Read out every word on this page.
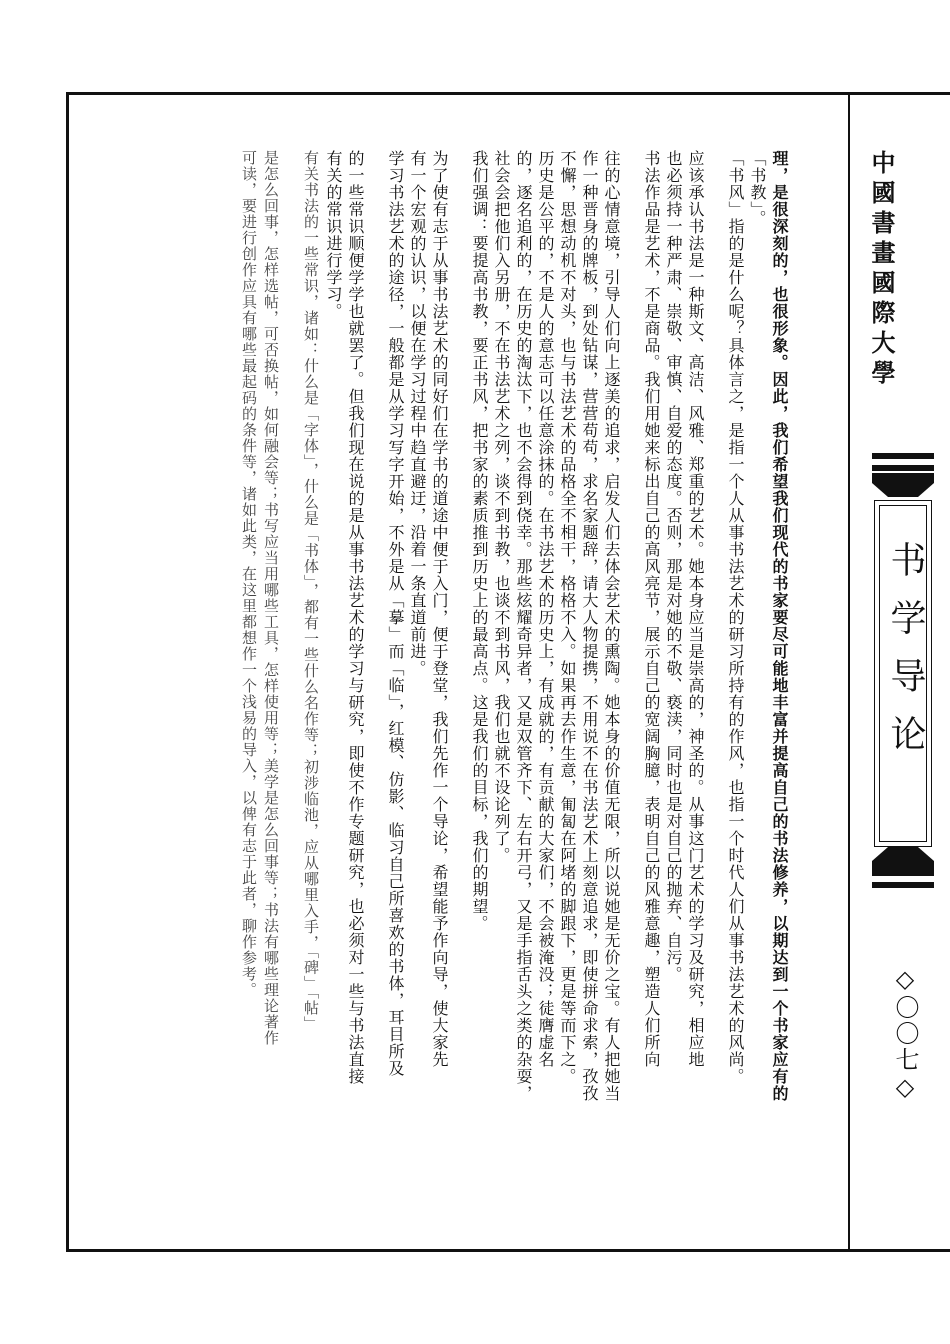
理，是很深刻的，也很形象。因此，我们希望我们现代的书家要尽可能地丰富并提高自己的书法修养，以期达到一个书家应有的
「书教」。
「书风」指的是什么呢？具体言之，是指一个人从事书法艺术的研习所持有的作风，也指一个时代人们从事书法艺术的风尚。
应该承认书法是一种斯文、高洁、风雅、郑重的艺术。她本身应当是崇高的，神圣的。从事这门艺术的学习及研究，相应地
也必须持一种严肃、崇敬、审慎、自爱的态度。否则，那是对她的不敬、亵渎，同时也是对自己的抛弃、自污。
书法作品是艺术，不是商品。我们用她来标出自己的高风亮节，展示自己的宽阔胸臆，表明自己的风雅意趣，塑造人们所向
往的心情意境，引导人们向上逐美的追求，启发人们去体会艺术的熏陶。她本身的价值无限，所以说她是无价之宝。有人把她当
作一种晋身的牌板，到处钻谋，营营苟苟，求名家题辞，请大人物提携，不用说不在书法艺术上刻意追求，即使拼命求索，孜孜
不懈，思想动机不对头，也与书法艺术的品格全不相干，格格不入。如果再去作生意，匍匐在阿堵的脚跟下，更是等而下之。
历史是公平的，不是人的意志可以任意涂抹的。在书法艺术的历史上，有成就的，有贡献的大家们，不会被淹没；徒膺虚名
的，逐名追利的，在历史的淘汰下，也不会得到侥幸。那些炫耀奇异者，又是双管齐下、左右开弓，又是手指舌头之类的杂耍，
社会会把他们入另册，不在书法艺术之列，谈不到书教，也谈不到书风，我们也就不设论列了。
我们强调：要提高书教，要正书风，把书家的素质推到历史上的最高点。这是我们的目标，我们的期望。
为了使有志于从事书法艺术的同好们在学书的道途中便于入门，便于登堂，我们先作一个导论，希望能予作向导，使大家先
有一个宏观的认识，以便在学习过程中趋直避迂，沿着一条直道前进。
学习书法艺术的途径，一般都是从学习写字开始，不外是从「摹」而「临」，红模、仿影、临习自己所喜欢的书体，耳目所及
的一些常识顺便学学也就罢了。但我们现在说的是从事书法艺术的学习与研究，即使不作专题研究，也必须对一些与书法直接
有关的常识进行学习。
有关书法的一些常识，诸如：什么是「字体」，什么是「书体」，都有一些什么名作等；初涉临池，应从哪里入手，「碑」「帖」
是怎么回事，怎样选帖，可否换帖，如何融会等；书写应当用哪些工具，怎样使用等；美学是怎么回事等；书法有哪些理论著作
可读，要进行创作应具有哪些最起码的条件等，诸如此类，在这里都想作一个浅易的导入，以俾有志于此者，聊作参考。	中國書畫國際大學
书学导论
◇〇〇七◇
